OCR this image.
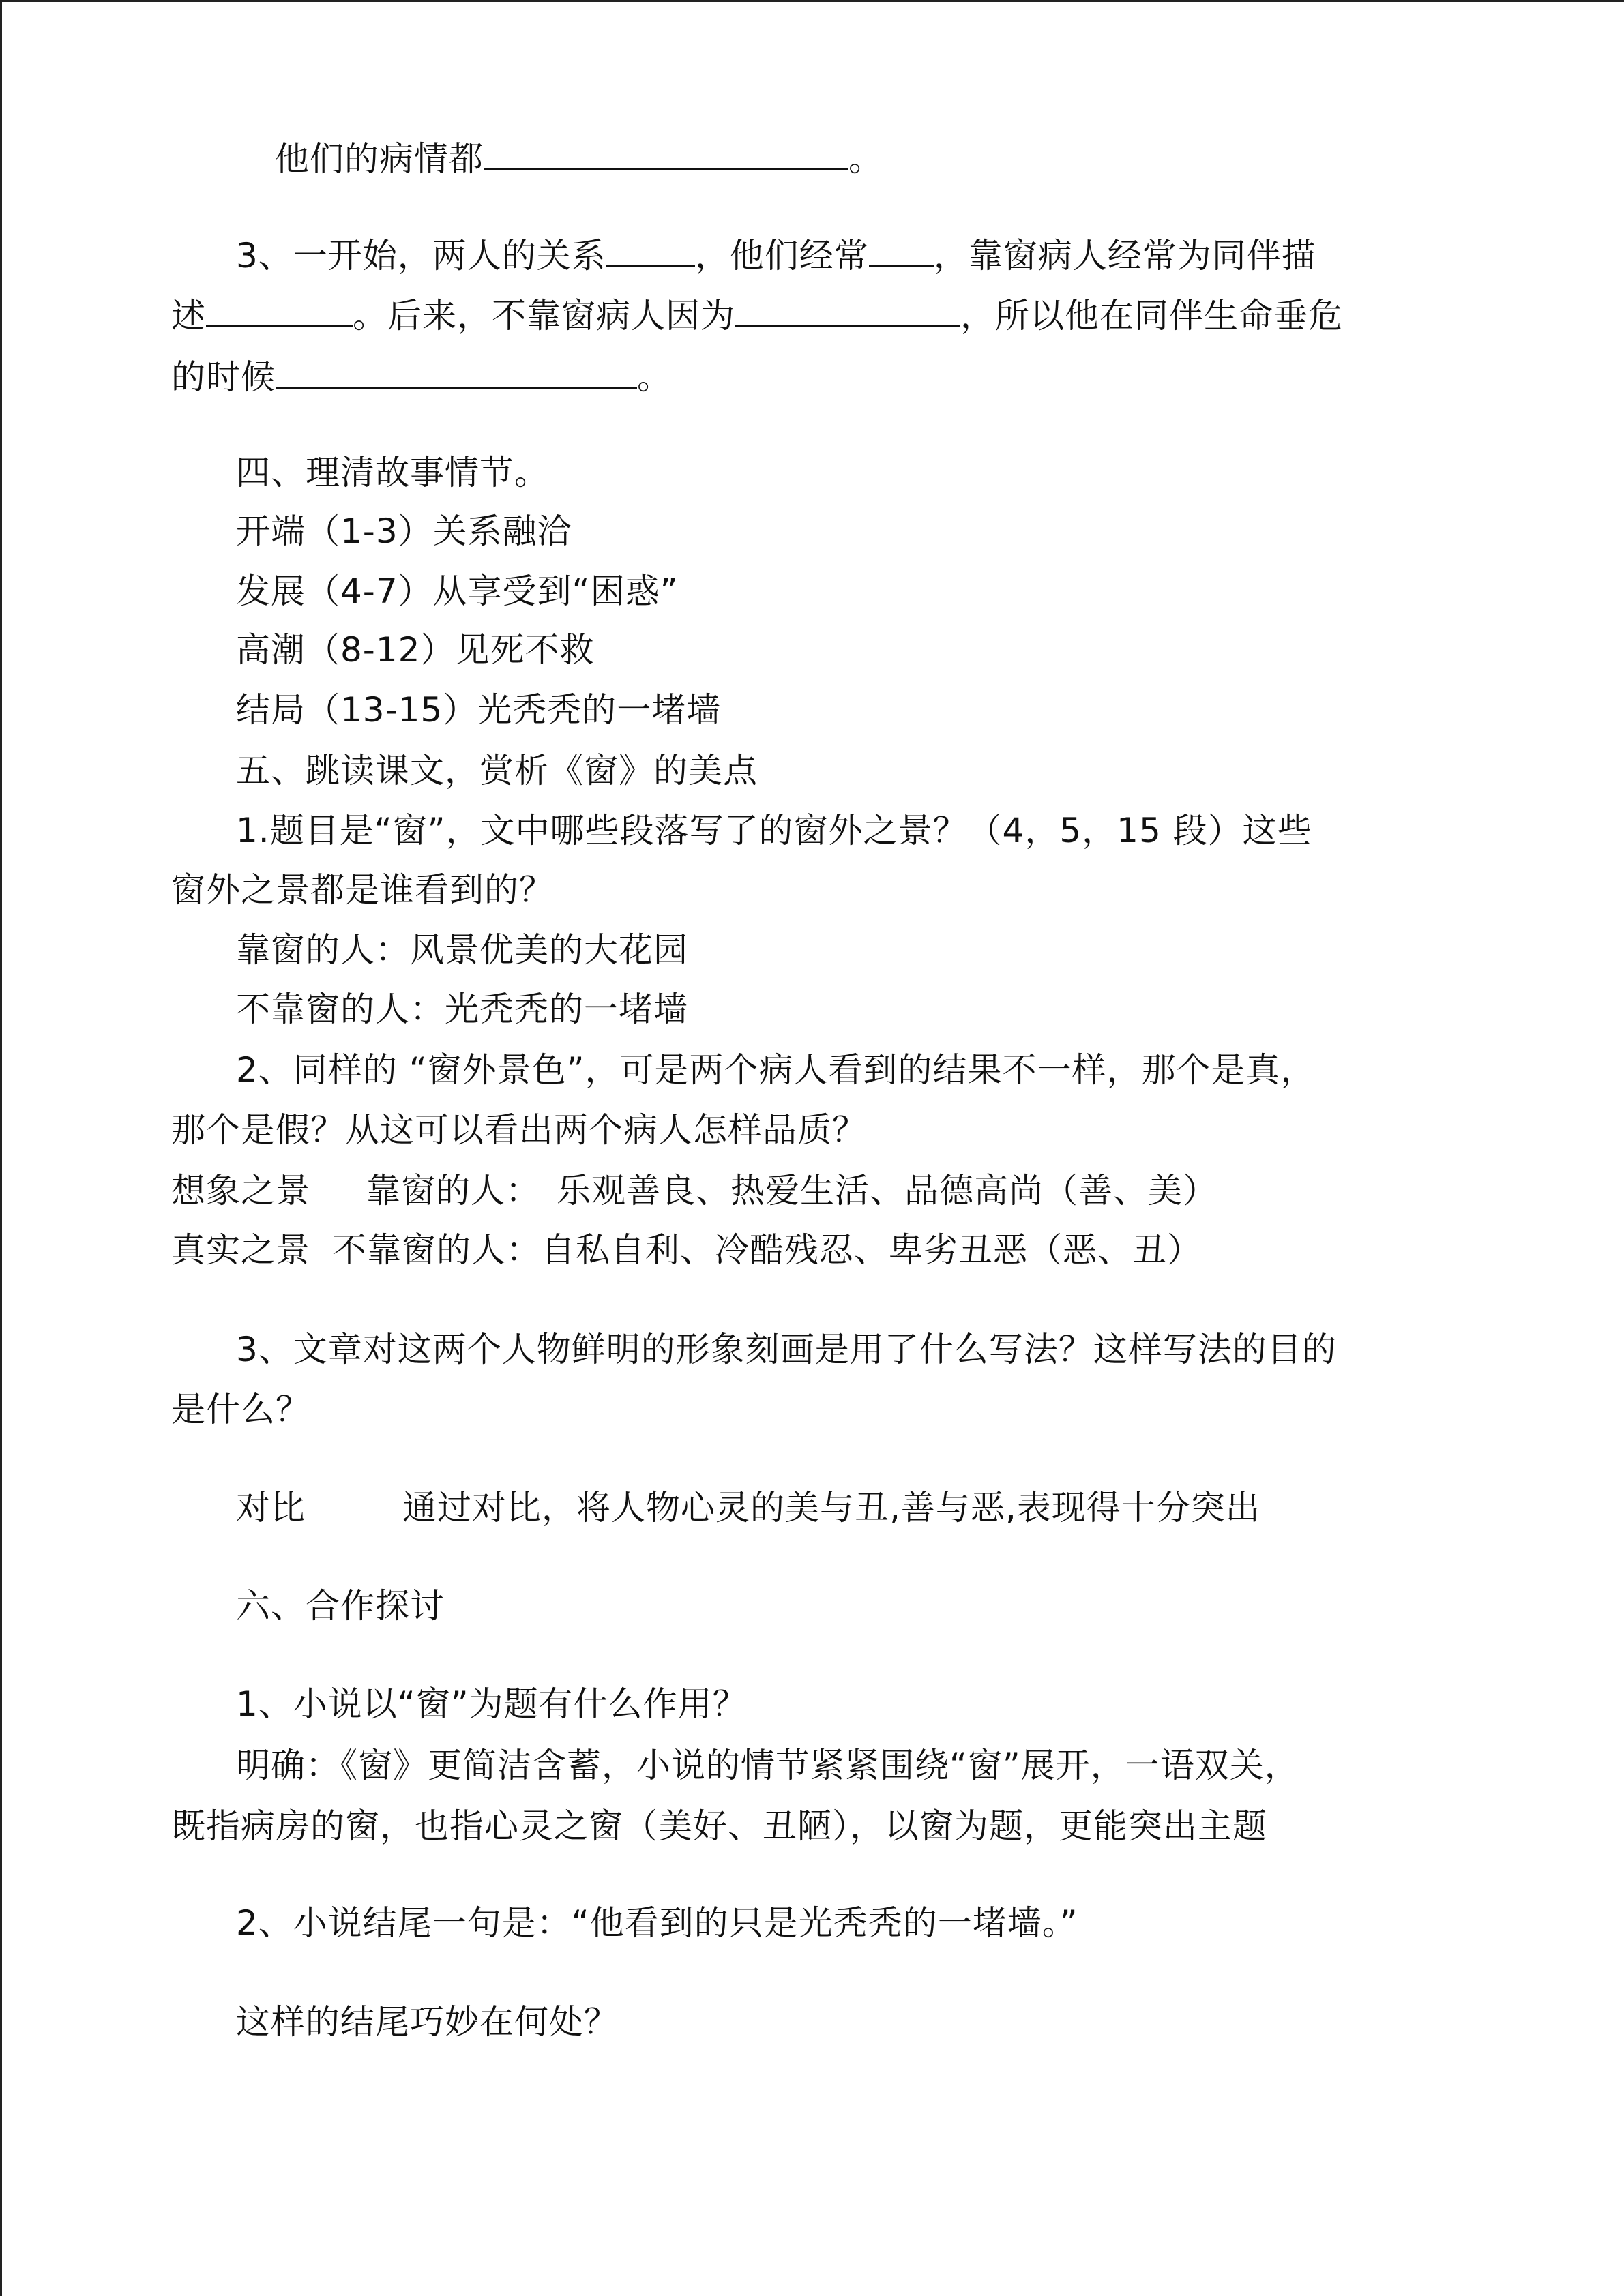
他们的病情都	。
3、一开始，两人的关系	，他们经常 ，靠窗病人经常为同伴描
述	。后来，不靠窗病人因为	，所以他在同伴生命垂危
的时候	。
四、理清故事情节。
开端（1-3）关系融洽
发展（4-7）从享受到“困惑”
高潮（8-12）见死不救
结局（13-15）光秃秃的一堵墙
五、跳读课文，赏析《窗》的美点
1.题目是“窗”，文中哪些段落写了的窗外之景？（4，5，15 段）这些
窗外之景都是谁看到的？
靠窗的人：风景优美的大花园
不靠窗的人：光秃秃的一堵墙
2、同样的 “窗外景色”，可是两个病人看到的结果不一样，那个是真，
那个是假？从这可以看出两个病人怎样品质？
想象之景 靠窗的人： 乐观善良、热爱生活、品德高尚（善、美）
真实之景 不靠窗的人：自私自利、冷酷残忍、卑劣丑恶（恶、丑）
3、文章对这两个人物鲜明的形象刻画是用了什么写法？这样写法的目的
是什么？
对比	通过对比，将人物心灵的美与丑,善与恶,表现得十分突出
六、合作探讨
1、小说以“窗”为题有什么作用？
明确：《窗》更简洁含蓄，小说的情节紧紧围绕“窗”展开，一语双关，
既指病房的窗，也指心灵之窗（美好、丑陋），以窗为题，更能突出主题
2、小说结尾一句是：“他看到的只是光秃秃的一堵墙。”
这样的结尾巧妙在何处？
